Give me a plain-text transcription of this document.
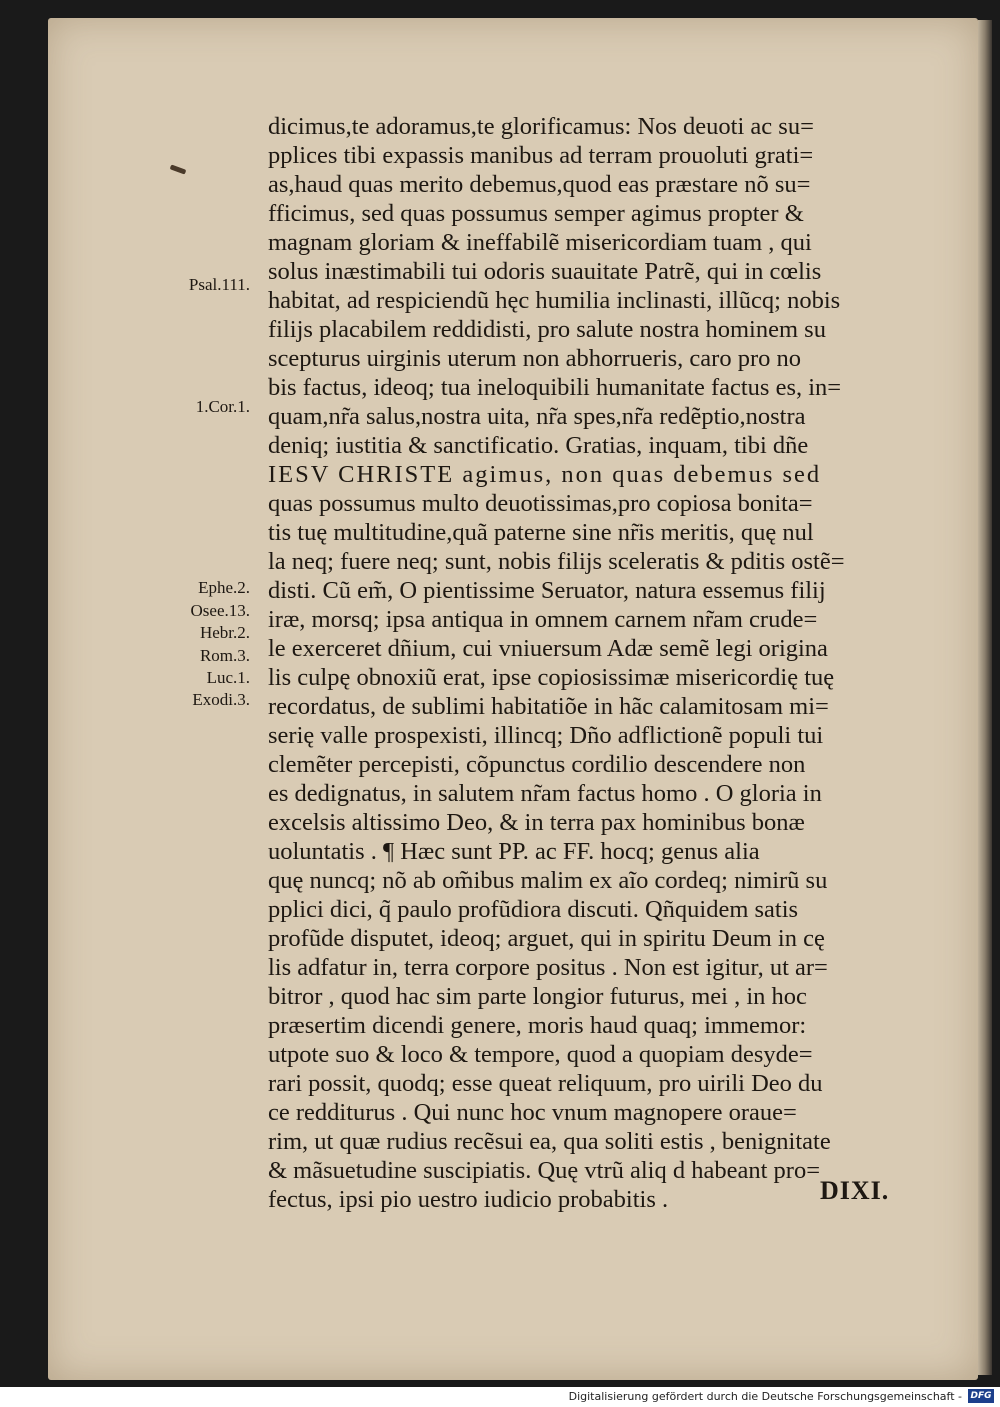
dicimus,te adoramus,te glorificamus: Nos deuoti ac su=
pplices tibi expassis manibus ad terram prouoluti grati=
as,haud quas merito debemus,quod eas præstare nõ su=
fficimus, sed quas possumus semper agimus propter &
magnam gloriam & ineffabilẽ misericordiam tuam , qui
solus inæstimabili tui odoris suauitate Patrẽ, qui in cœlis
habitat, ad respiciendũ hęc humilia inclinasti, illũcq; nobis
filijs placabilem reddidisti, pro salute nostra hominem su
scepturus uirginis uterum non abhorrueris, caro pro no
bis factus, ideoq; tua ineloquibili humanitate factus es, in=
quam,nr̃a salus,nostra uita, nr̃a spes,nr̃a redẽptio,nostra
deniq; iustitia & sanctificatio. Gratias, inquam, tibi dñe
IESV CHRISTE agimus, non quas debemus sed
quas possumus multo deuotissimas,pro copiosa bonita=
tis tuę multitudine,quã paterne sine nr̃is meritis, quę nul
la neq; fuere neq; sunt, nobis filijs sceleratis & pditis ostẽ=
disti. Cũ em̃, O pientissime Seruator, natura essemus filij
iræ, morsq; ipsa antiqua in omnem carnem nr̃am crude=
le exerceret dñium, cui vniuersum Adæ semẽ legi origina
lis culpę obnoxiũ erat, ipse copiosissimæ misericordię tuę
recordatus, de sublimi habitatiõe in hãc calamitosam mi=
serię valle prospexisti, illincq; Dño adflictionẽ populi tui
clemẽter percepisti, cõpunctus cordilio descendere non
es dedignatus, in salutem nr̃am factus homo . O gloria in
excelsis altissimo Deo, & in terra pax hominibus bonæ
uoluntatis . ¶ Hæc sunt PP. ac FF. hocq; genus alia
quę nuncq; nõ ab om̃ibus malim ex aĩo cordeq; nimirũ su
pplici dici, q̃ paulo profũdiora discuti. Qñquidem satis
profũde disputet, ideoq; arguet, qui in spiritu Deum in cę
lis adfatur in, terra corpore positus . Non est igitur, ut ar=
bitror , quod hac sim parte longior futurus, mei , in hoc
præsertim dicendi genere, moris haud quaq; immemor:
utpote suo & loco & tempore, quod a quopiam desyde=
rari possit, quodq; esse queat reliquum, pro uirili Deo du
ce redditurus . Qui nunc hoc vnum magnopere oraue=
rim, ut quæ rudius recẽsui ea, qua soliti estis , benignitate
& mãsuetudine suscipiatis. Quę vtrũ aliq d habeant pro=
fectus, ipsi pio uestro iudicio probabitis .	DIXI.
Psal.111.
1.Cor.1.
Ephe.2.
Osee.13.
Hebr.2.
Rom.3.
Luc.1.
Exodi.3.
Digitalisierung gefördert durch die Deutsche Forschungsgemeinschaft - DFG
